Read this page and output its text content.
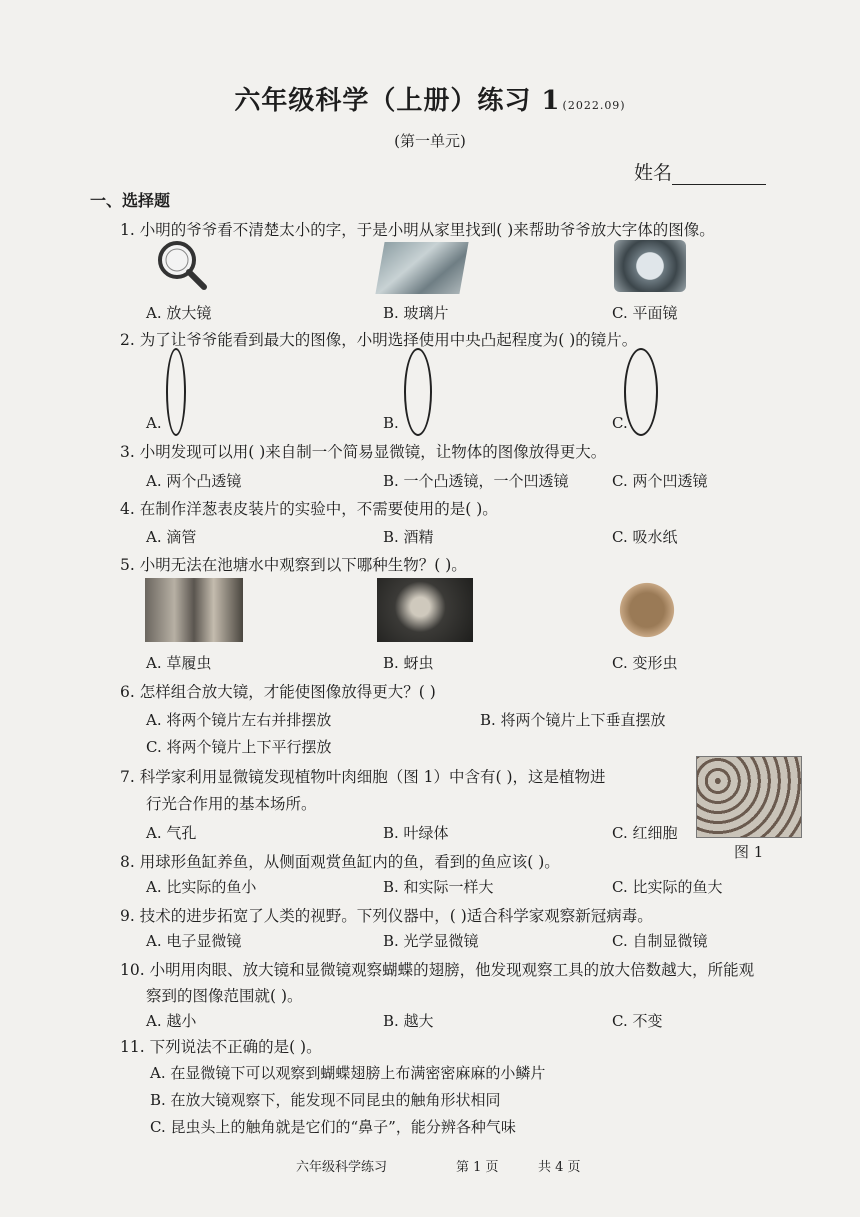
六年级科学（上册）练习 1 (2022.09)
(第一单元)
姓名
一、选择题
1. 小明的爷爷看不清楚太小的字，于是小明从家里找到( )来帮助爷爷放大字体的图像。
A. 放大镜	B. 玻璃片	C. 平面镜
2. 为了让爷爷能看到最大的图像，小明选择使用中央凸起程度为( )的镜片。
A.	B.	C.
3. 小明发现可以用( )来自制一个简易显微镜，让物体的图像放得更大。
A. 两个凸透镜	B. 一个凸透镜，一个凹透镜	C. 两个凹透镜
4. 在制作洋葱表皮装片的实验中，不需要使用的是( )。
A. 滴管	B. 酒精	C. 吸水纸
5. 小明无法在池塘水中观察到以下哪种生物？( )。
A. 草履虫	B. 蚜虫	C. 变形虫
6. 怎样组合放大镜，才能使图像放得更大？( )
A. 将两个镜片左右并排摆放	B. 将两个镜片上下垂直摆放
C. 将两个镜片上下平行摆放
7. 科学家利用显微镜发现植物叶肉细胞（图 1）中含有( )，这是植物进
行光合作用的基本场所。
A. 气孔	B. 叶绿体	C. 红细胞
图 1
8. 用球形鱼缸养鱼，从侧面观赏鱼缸内的鱼，看到的鱼应该( )。
A. 比实际的鱼小	B. 和实际一样大	C. 比实际的鱼大
9. 技术的进步拓宽了人类的视野。下列仪器中，( )适合科学家观察新冠病毒。
A. 电子显微镜	B. 光学显微镜	C. 自制显微镜
10. 小明用肉眼、放大镜和显微镜观察蝴蝶的翅膀，他发现观察工具的放大倍数越大，所能观
察到的图像范围就( )。
A. 越小	B. 越大	C. 不变
11. 下列说法不正确的是( )。
A. 在显微镜下可以观察到蝴蝶翅膀上布满密密麻麻的小鳞片
B. 在放大镜观察下，能发现不同昆虫的触角形状相同
C. 昆虫头上的触角就是它们的“鼻子”，能分辨各种气味
六年级科学练习	第 1 页	共 4 页
